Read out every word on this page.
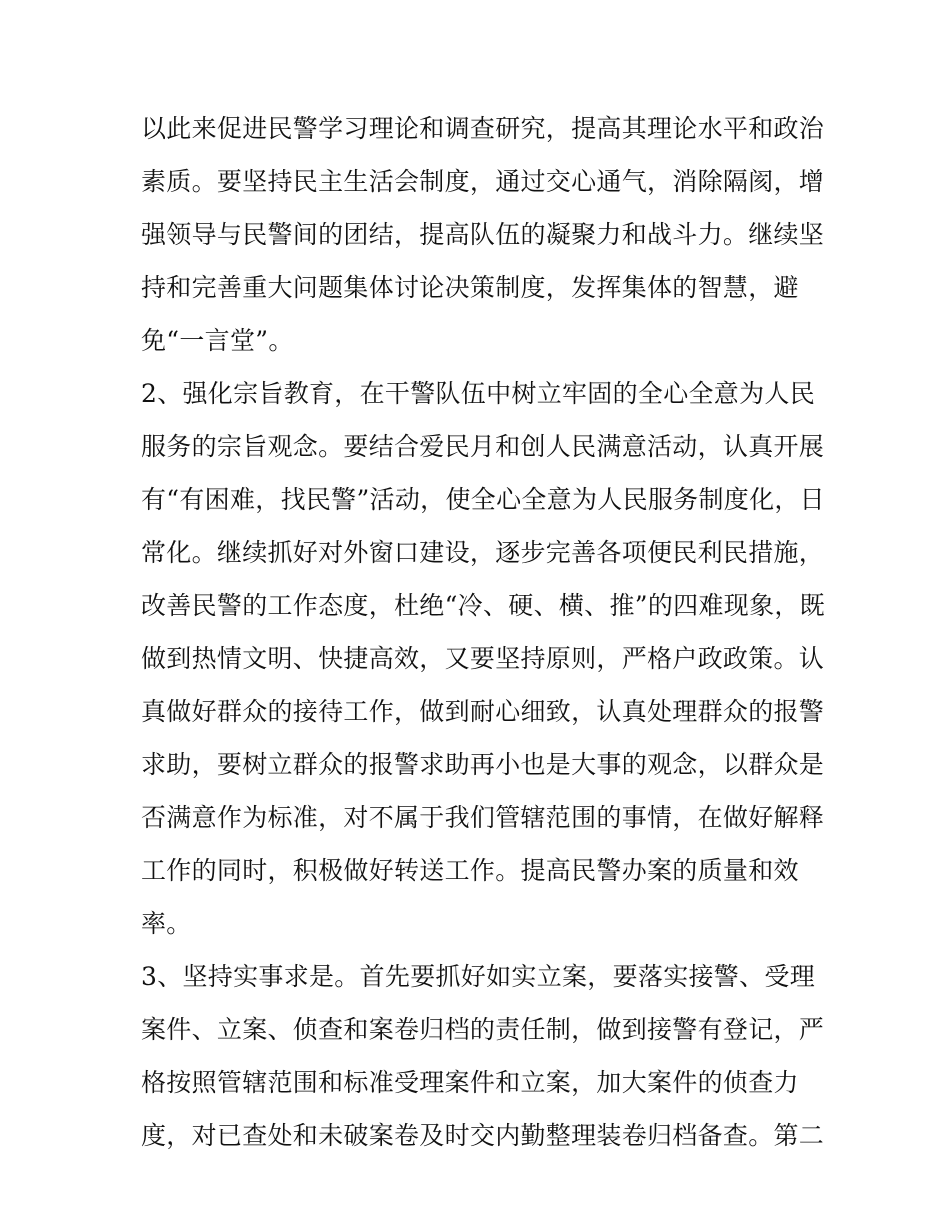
以此来促进民警学习理论和调查研究，提高其理论水平和政治
素质。要坚持民主生活会制度，通过交心通气，消除隔阂，增
强领导与民警间的团结，提高队伍的凝聚力和战斗力。继续坚
持和完善重大问题集体讨论决策制度，发挥集体的智慧，避
免“一言堂”。
2、强化宗旨教育，在干警队伍中树立牢固的全心全意为人民
服务的宗旨观念。要结合爱民月和创人民满意活动，认真开展
有“有困难，找民警”活动，使全心全意为人民服务制度化，日
常化。继续抓好对外窗口建设，逐步完善各项便民利民措施，
改善民警的工作态度，杜绝“冷、硬、横、推”的四难现象，既
做到热情文明、快捷高效，又要坚持原则，严格户政政策。认
真做好群众的接待工作，做到耐心细致，认真处理群众的报警
求助，要树立群众的报警求助再小也是大事的观念，以群众是
否满意作为标准，对不属于我们管辖范围的事情，在做好解释
工作的同时，积极做好转送工作。提高民警办案的质量和效
率。
3、坚持实事求是。首先要抓好如实立案，要落实接警、受理
案件、立案、侦查和案卷归档的责任制，做到接警有登记，严
格按照管辖范围和标准受理案件和立案，加大案件的侦查力
度，对已查处和未破案卷及时交内勤整理装卷归档备查。第二
